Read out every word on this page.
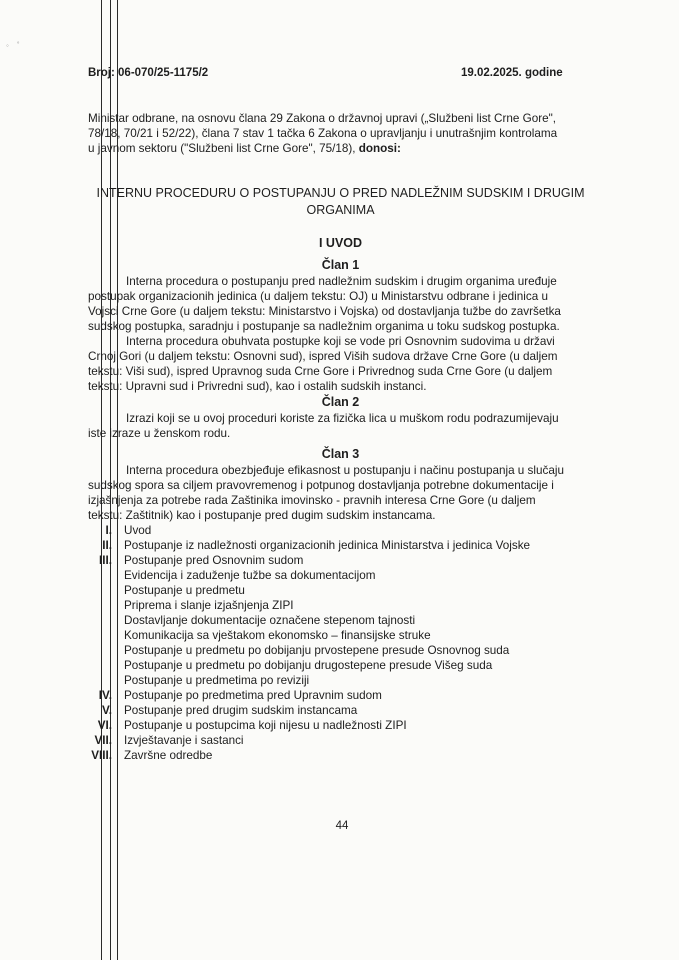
◦ ˚
Broj: 06-070/25-1175/2	19.02.2025. godine
Ministar odbrane, na osnovu člana 29 Zakona o državnoj upravi („Službeni list Crne Gore",
78/18, 70/21 i 52/22), člana 7 stav 1 tačka 6 Zakona o upravljanju i unutrašnjim kontrolama
u javnom sektoru ("Službeni list Crne Gore", 75/18), donosi:
INTERNU PROCEDURU O POSTUPANJU O PRED NADLEŽNIM SUDSKIM I DRUGIM
ORGANIMA
I UVOD
Član 1
Interna procedura o postupanju pred nadležnim sudskim i drugim organima uređuje
postupak organizacionih jedinica (u daljem tekstu: OJ) u Ministarstvu odbrane i jedinica u
Vojsci Crne Gore (u daljem tekstu: Ministarstvo i Vojska) od dostavljanja tužbe do završetka
sudskog postupka, saradnju i postupanje sa nadležnim organima u toku sudskog postupka.
Interna procedura obuhvata postupke koji se vode pri Osnovnim sudovima u državi
Crnoj Gori (u daljem tekstu: Osnovni sud), ispred Viših sudova države Crne Gore (u daljem
tekstu: Viši sud), ispred Upravnog suda Crne Gore i Privrednog suda Crne Gore (u daljem
tekstu: Upravni sud i Privredni sud), kao i ostalih sudskih instanci.
Član 2
Izrazi koji se u ovoj proceduri koriste za fizička lica u muškom rodu podrazumijevaju
iste izraze u ženskom rodu.
Član 3
Interna procedura obezbjeđuje efikasnost u postupanju i načinu postupanja u slučaju
sudskog spora sa ciljem pravovremenog i potpunog dostavljanja potrebne dokumentacije i
izjašnjenja za potrebe rada Zaštinika imovinsko - pravnih interesa Crne Gore (u daljem
tekstu: Zaštitnik) kao i postupanje pred dugim sudskim instancama.
I. Uvod
II. Postupanje iz nadležnosti organizacionih jedinica Ministarstva i jedinica Vojske
III. Postupanje pred Osnovnim sudom
Evidencija i zaduženje tužbe sa dokumentacijom
Postupanje u predmetu
Priprema i slanje izjašnjenja ZIPI
Dostavljanje dokumentacije označene stepenom tajnosti
Komunikacija sa vještakom ekonomsko – finansijske struke
Postupanje u predmetu po dobijanju prvostepene presude Osnovnog suda
Postupanje u predmetu po dobijanju drugostepene presude Višeg suda
Postupanje u predmetima po reviziji
IV. Postupanje po predmetima pred Upravnim sudom
V. Postupanje pred drugim sudskim instancama
VI. Postupanje u postupcima koji nijesu u nadležnosti ZIPI
VII. Izvještavanje i sastanci
VIII. Završne odredbe
44
